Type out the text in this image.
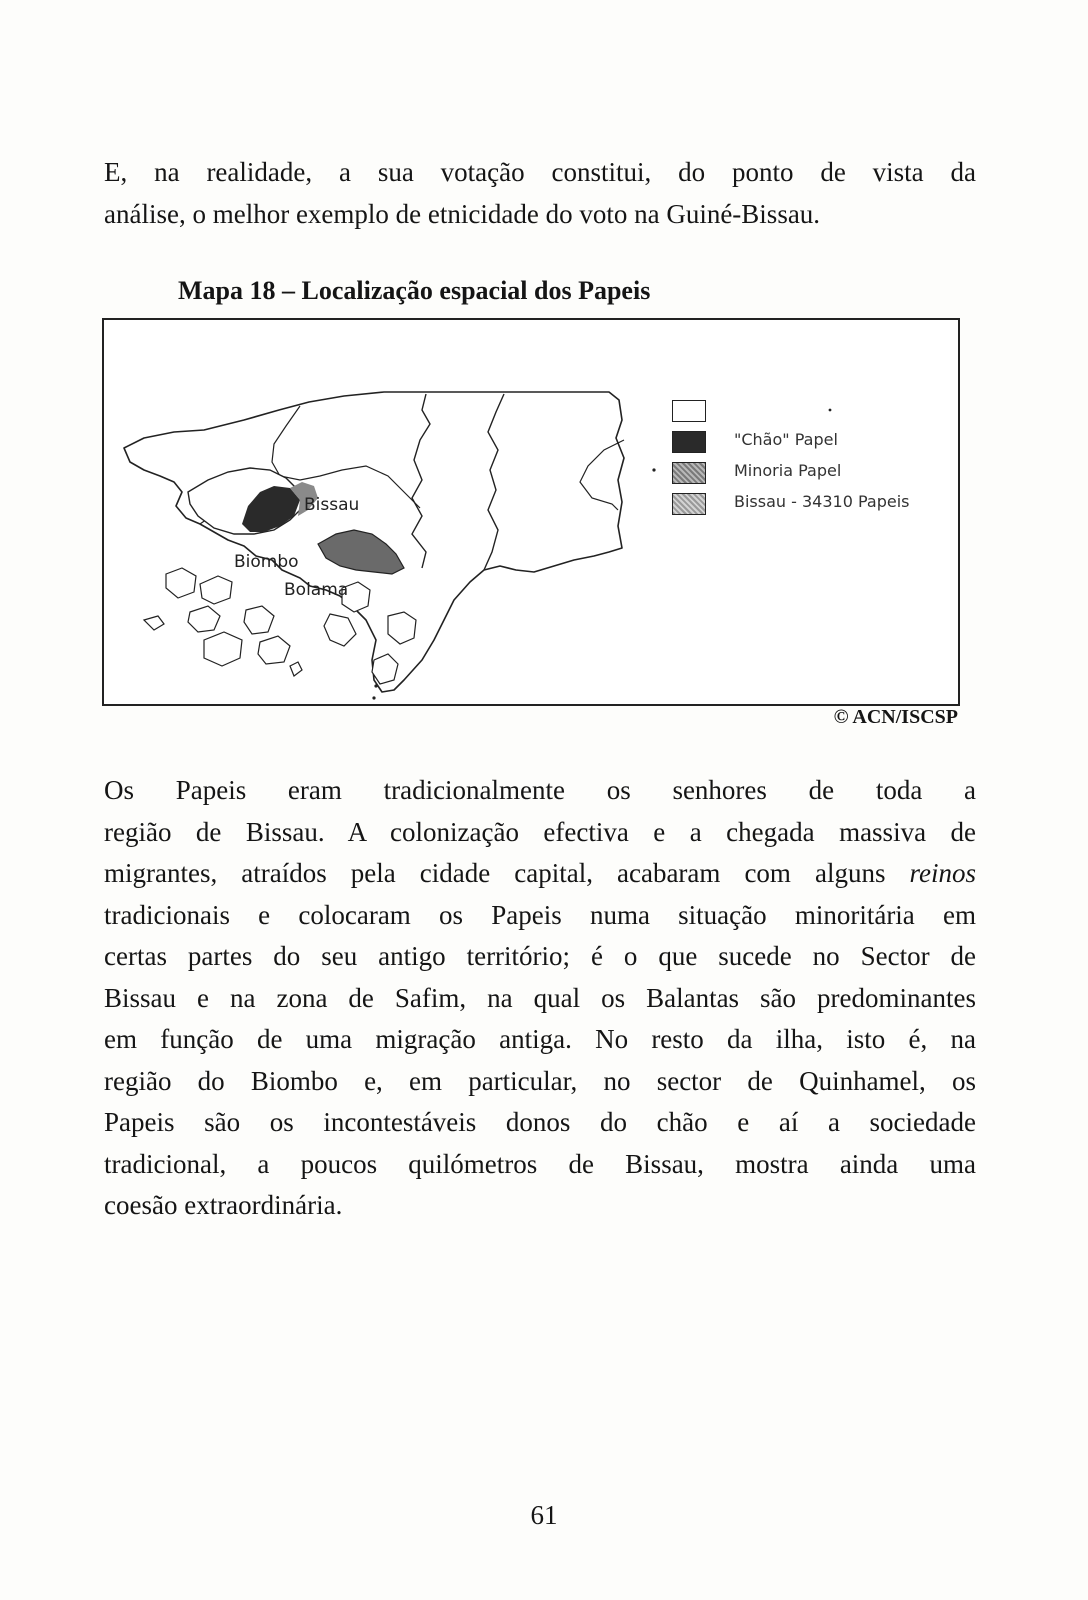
E, na realidade, a sua votação constitui, do ponto de vista da
análise, o melhor exemplo de etnicidade do voto na Guiné-Bissau.
Mapa 18 – Localização espacial dos Papeis
Bissau
Biombo
Bolama
"Chão" Papel
Minoria Papel
Bissau - 34310 Papeis
© ACN/ISCSP
Os Papeis eram tradicionalmente os senhores de toda a
região de Bissau. A colonização efectiva e a chegada massiva de
migrantes, atraídos pela cidade capital, acabaram com alguns reinos
tradicionais e colocaram os Papeis numa situação minoritária em
certas partes do seu antigo território; é o que sucede no Sector de
Bissau e na zona de Safim, na qual os Balantas são predominantes
em função de uma migração antiga. No resto da ilha, isto é, na
região do Biombo e, em particular, no sector de Quinhamel, os
Papeis são os incontestáveis donos do chão e aí a sociedade
tradicional, a poucos quilómetros de Bissau, mostra ainda uma
coesão extraordinária.
61
